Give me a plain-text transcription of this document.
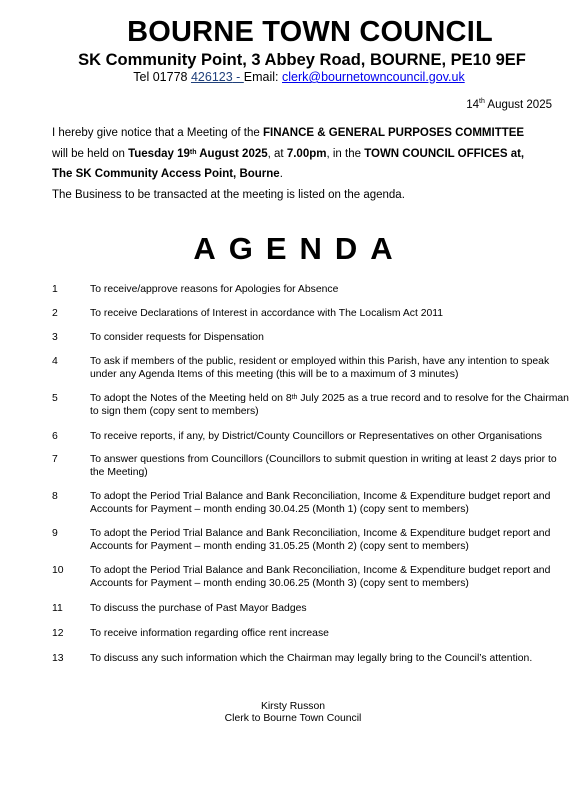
BOURNE TOWN COUNCIL
SK Community Point, 3 Abbey Road, BOURNE, PE10 9EF
Tel 01778 426123 - Email: clerk@bournetowncouncil.gov.uk
14th August 2025

I hereby give notice that a Meeting of the FINANCE & GENERAL PURPOSES COMMITTEE
will be held on Tuesday 19th August 2025, at 7.00pm, in the TOWN COUNCIL OFFICES at,
The SK Community Access Point, Bourne.

The Business to be transacted at the meeting is listed on the agenda.

AGENDA
1	To receive/approve reasons for Apologies for Absence
2	To receive Declarations of Interest in accordance with The Localism Act 2011
3	To consider requests for Dispensation
4	To ask if members of the public, resident or employed within this Parish, have any intention to speak under any Agenda Items of this meeting (this will be to a maximum of 3 minutes)
5	To adopt the Notes of the Meeting held on 8th July 2025 as a true record and to resolve for the Chairman to sign them (copy sent to members)
6	To receive reports, if any, by District/County Councillors or Representatives on other Organisations
7	To answer questions from Councillors (Councillors to submit question in writing at least 2 days prior to the Meeting)
8	To adopt the Period Trial Balance and Bank Reconciliation, Income & Expenditure budget report and Accounts for Payment – month ending 30.04.25 (Month 1) (copy sent to members)
9	To adopt the Period Trial Balance and Bank Reconciliation, Income & Expenditure budget report and Accounts for Payment – month ending 31.05.25 (Month 2) (copy sent to members)
10	To adopt the Period Trial Balance and Bank Reconciliation, Income & Expenditure budget report and Accounts for Payment – month ending 30.06.25 (Month 3) (copy sent to members)
11	To discuss the purchase of Past Mayor Badges
12	To receive information regarding office rent increase
13	To discuss any such information which the Chairman may legally bring to the Council’s attention.
Kirsty Russon
Clerk to Bourne Town Council
